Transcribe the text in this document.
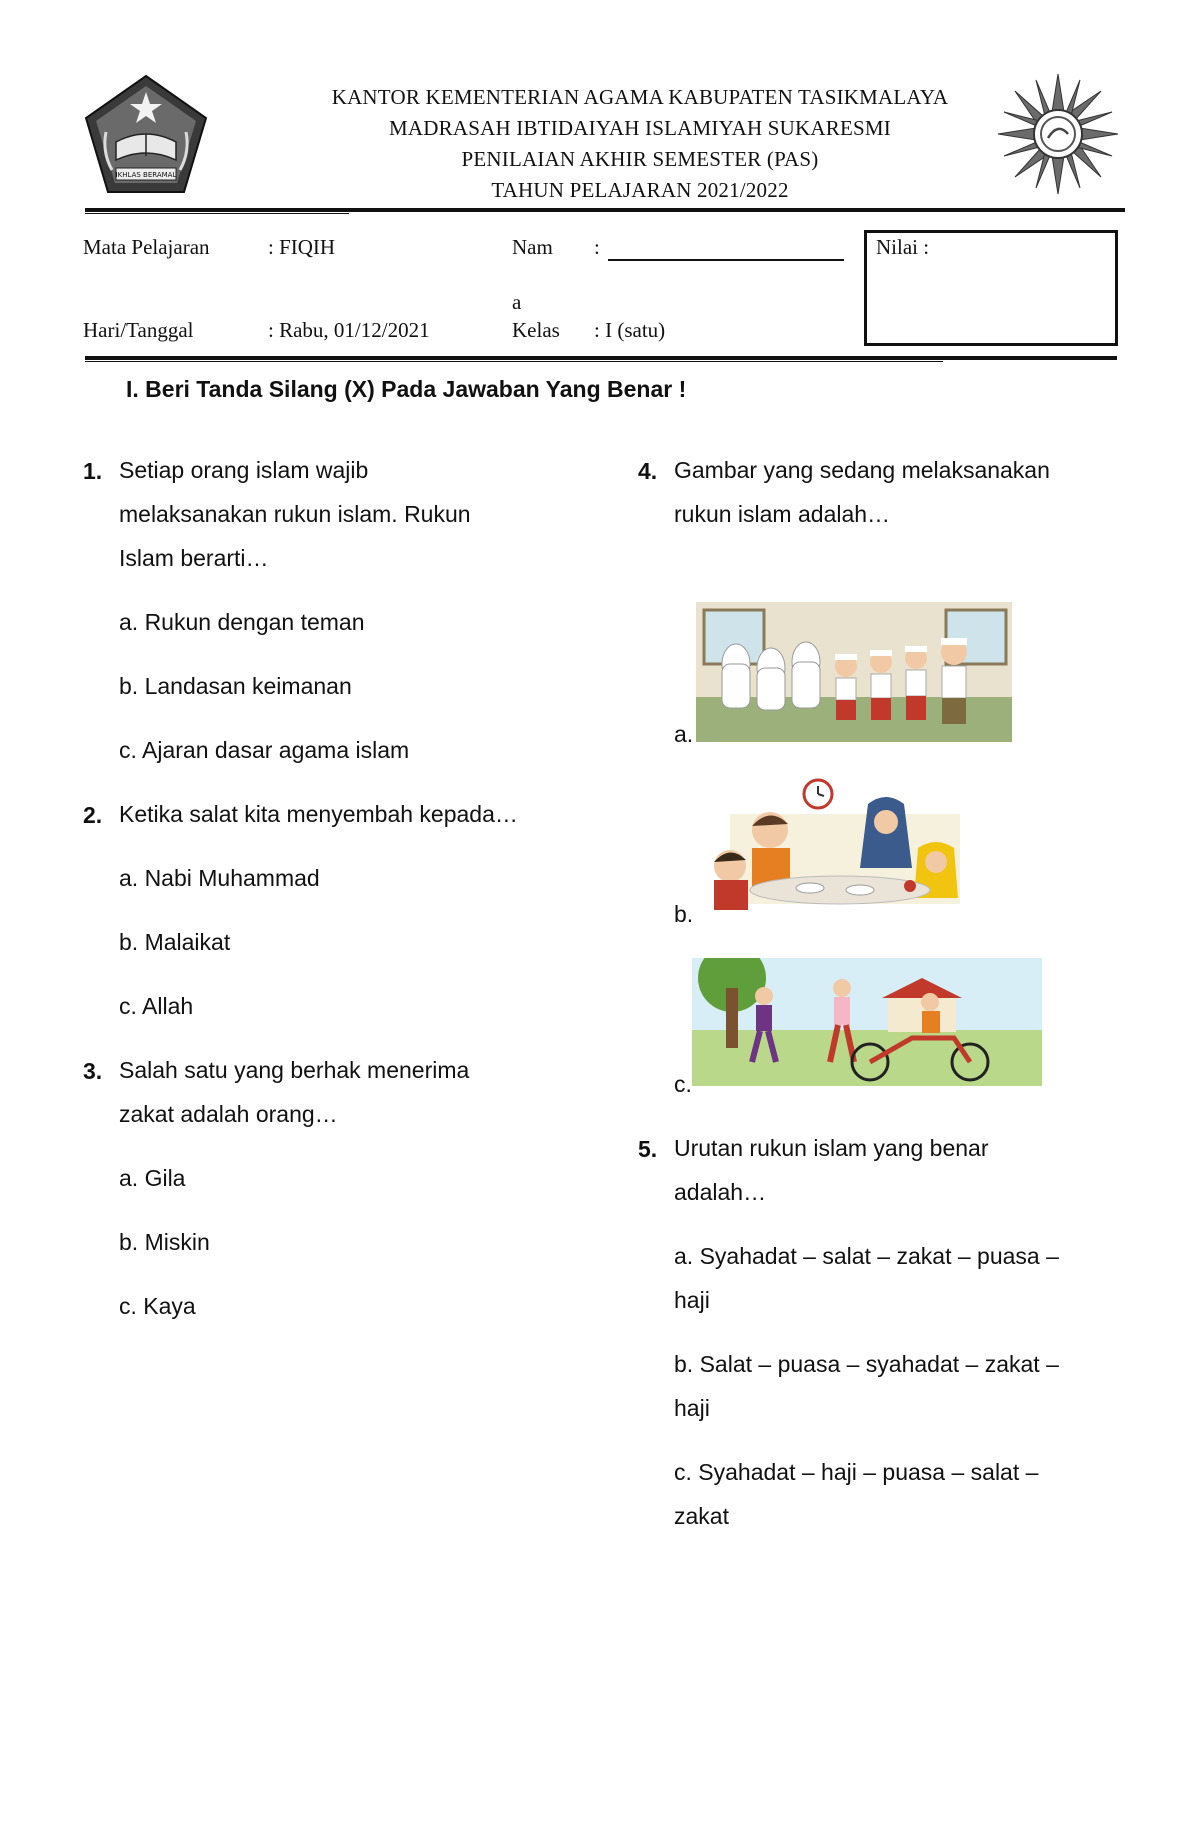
IKHLAS BERAMAL
KANTOR KEMENTERIAN AGAMA KABUPATEN TASIKMALAYA
MADRASAH IBTIDAIYAH ISLAMIYAH SUKARESMI
PENILAIAN AKHIR SEMESTER (PAS)
TAHUN PELAJARAN 2021/2022
Mata Pelajaran	: FIQIH	Nam :
a
Hari/Tanggal	: Rabu, 01/12/2021	Kelas : I (satu)
Nilai :
I. Beri Tanda Silang (X) Pada Jawaban Yang Benar !
1. Setiap orang islam wajib
melaksanakan rukun islam. Rukun
Islam berarti…
a. Rukun dengan teman
b. Landasan keimanan
c. Ajaran dasar agama islam
2. Ketika salat kita menyembah kepada…
a. Nabi Muhammad
b. Malaikat
c. Allah
3. Salah satu yang berhak menerima
zakat adalah orang…
a. Gila
b. Miskin
c. Kaya
4. Gambar yang sedang melaksanakan
rukun islam adalah…
a.
b.
c.
5. Urutan rukun islam yang benar
adalah…
a. Syahadat – salat – zakat – puasa –
haji
b. Salat – puasa – syahadat – zakat –
haji
c. Syahadat – haji – puasa – salat –
zakat
